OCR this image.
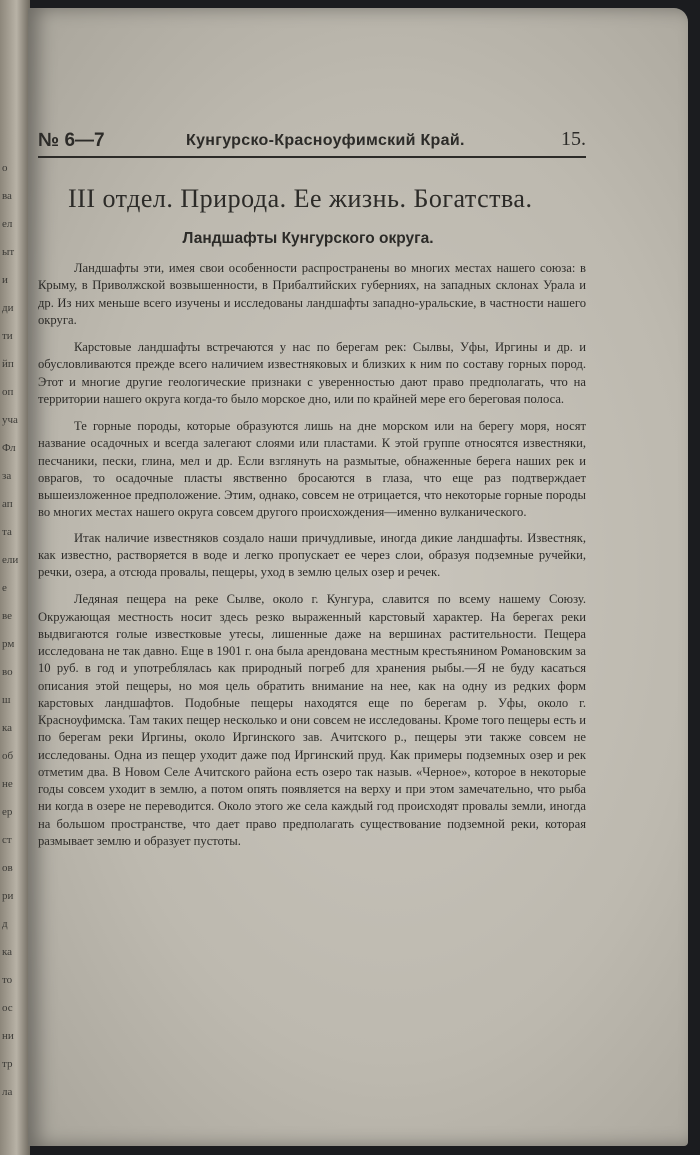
о
ва
ел
ыт
и
ди
ти
йп
оп
уча
Фл
за
ап
та
ели
е
ве
рм
во
ш
ка
об
не
ер
ст
ов
ри
д
ка
то
ос
ни
тр
ла
№ 6—7	Кунгурско-Красноуфимский Край.	15.
III отдел. Природа. Ее жизнь. Богатства.
Ландшафты Кунгурского округа.

Ландшафты эти, имея свои особенности распространены во многих местах нашего союза: в Крыму, в Приволжской возвышенности, в Прибалтийских губерниях, на западных склонах Урала и др. Из них меньше всего изучены и исследованы ландшафты западно-уральские, в частности нашего округа.

Карстовые ландшафты встречаются у нас по берегам рек: Сылвы, Уфы, Иргины и др. и обусловливаются прежде всего наличием известняковых и близких к ним по составу горных пород. Этот и многие другие геологические признаки с уверенностью дают право предполагать, что на территории нашего округа когда-то было морское дно, или по крайней мере его береговая полоса.

Те горные породы, которые образуются лишь на дне морском или на берегу моря, носят название осадочных и всегда залегают слоями или пластами. К этой группе относятся известняки, песчаники, пески, глина, мел и др. Если взглянуть на размытые, обнаженные берега наших рек и оврагов, то осадочные пласты явственно бросаются в глаза, что еще раз подтверждает вышеизложенное предположение. Этим, однако, совсем не отрицается, что некоторые горные породы во многих местах нашего округа совсем другого происхождения—именно вулканического.

Итак наличие известняков создало наши причудливые, иногда дикие ландшафты. Известняк, как известно, растворяется в воде и легко пропускает ее через слои, образуя подземные ручейки, речки, озера, а отсюда провалы, пещеры, уход в землю целых озер и речек.

Ледяная пещера на реке Сылве, около г. Кунгура, славится по всему нашему Союзу. Окружающая местность носит здесь резко выраженный карстовый характер. На берегах реки выдвигаются голые известковые утесы, лишенные даже на вершинах растительности. Пещера исследована не так давно. Еще в 1901 г. она была арендована местным крестьянином Романовским за 10 руб. в год и употреблялась как природный погреб для хранения рыбы.—Я не буду касаться описания этой пещеры, но моя цель обратить внимание на нее, как на одну из редких форм карстовых ландшафтов. Подобные пещеры находятся еще по берегам р. Уфы, около г. Красноуфимска. Там таких пещер несколько и они совсем не исследованы. Кроме того пещеры есть и по берегам реки Иргины, около Иргинского зав. Ачитского р., пещеры эти также совсем не исследованы. Одна из пещер уходит даже под Иргинский пруд. Как примеры подземных озер и рек отметим два. В Новом Селе Ачитского района есть озеро так назыв. «Черное», которое в некоторые годы совсем уходит в землю, а потом опять появляется на верху и при этом замечательно, что рыба ни когда в озере не переводится. Около этого же села каждый год происходят провалы земли, иногда на большом пространстве, что дает право предполагать существование подземной реки, которая размывает землю и образует пустоты.
